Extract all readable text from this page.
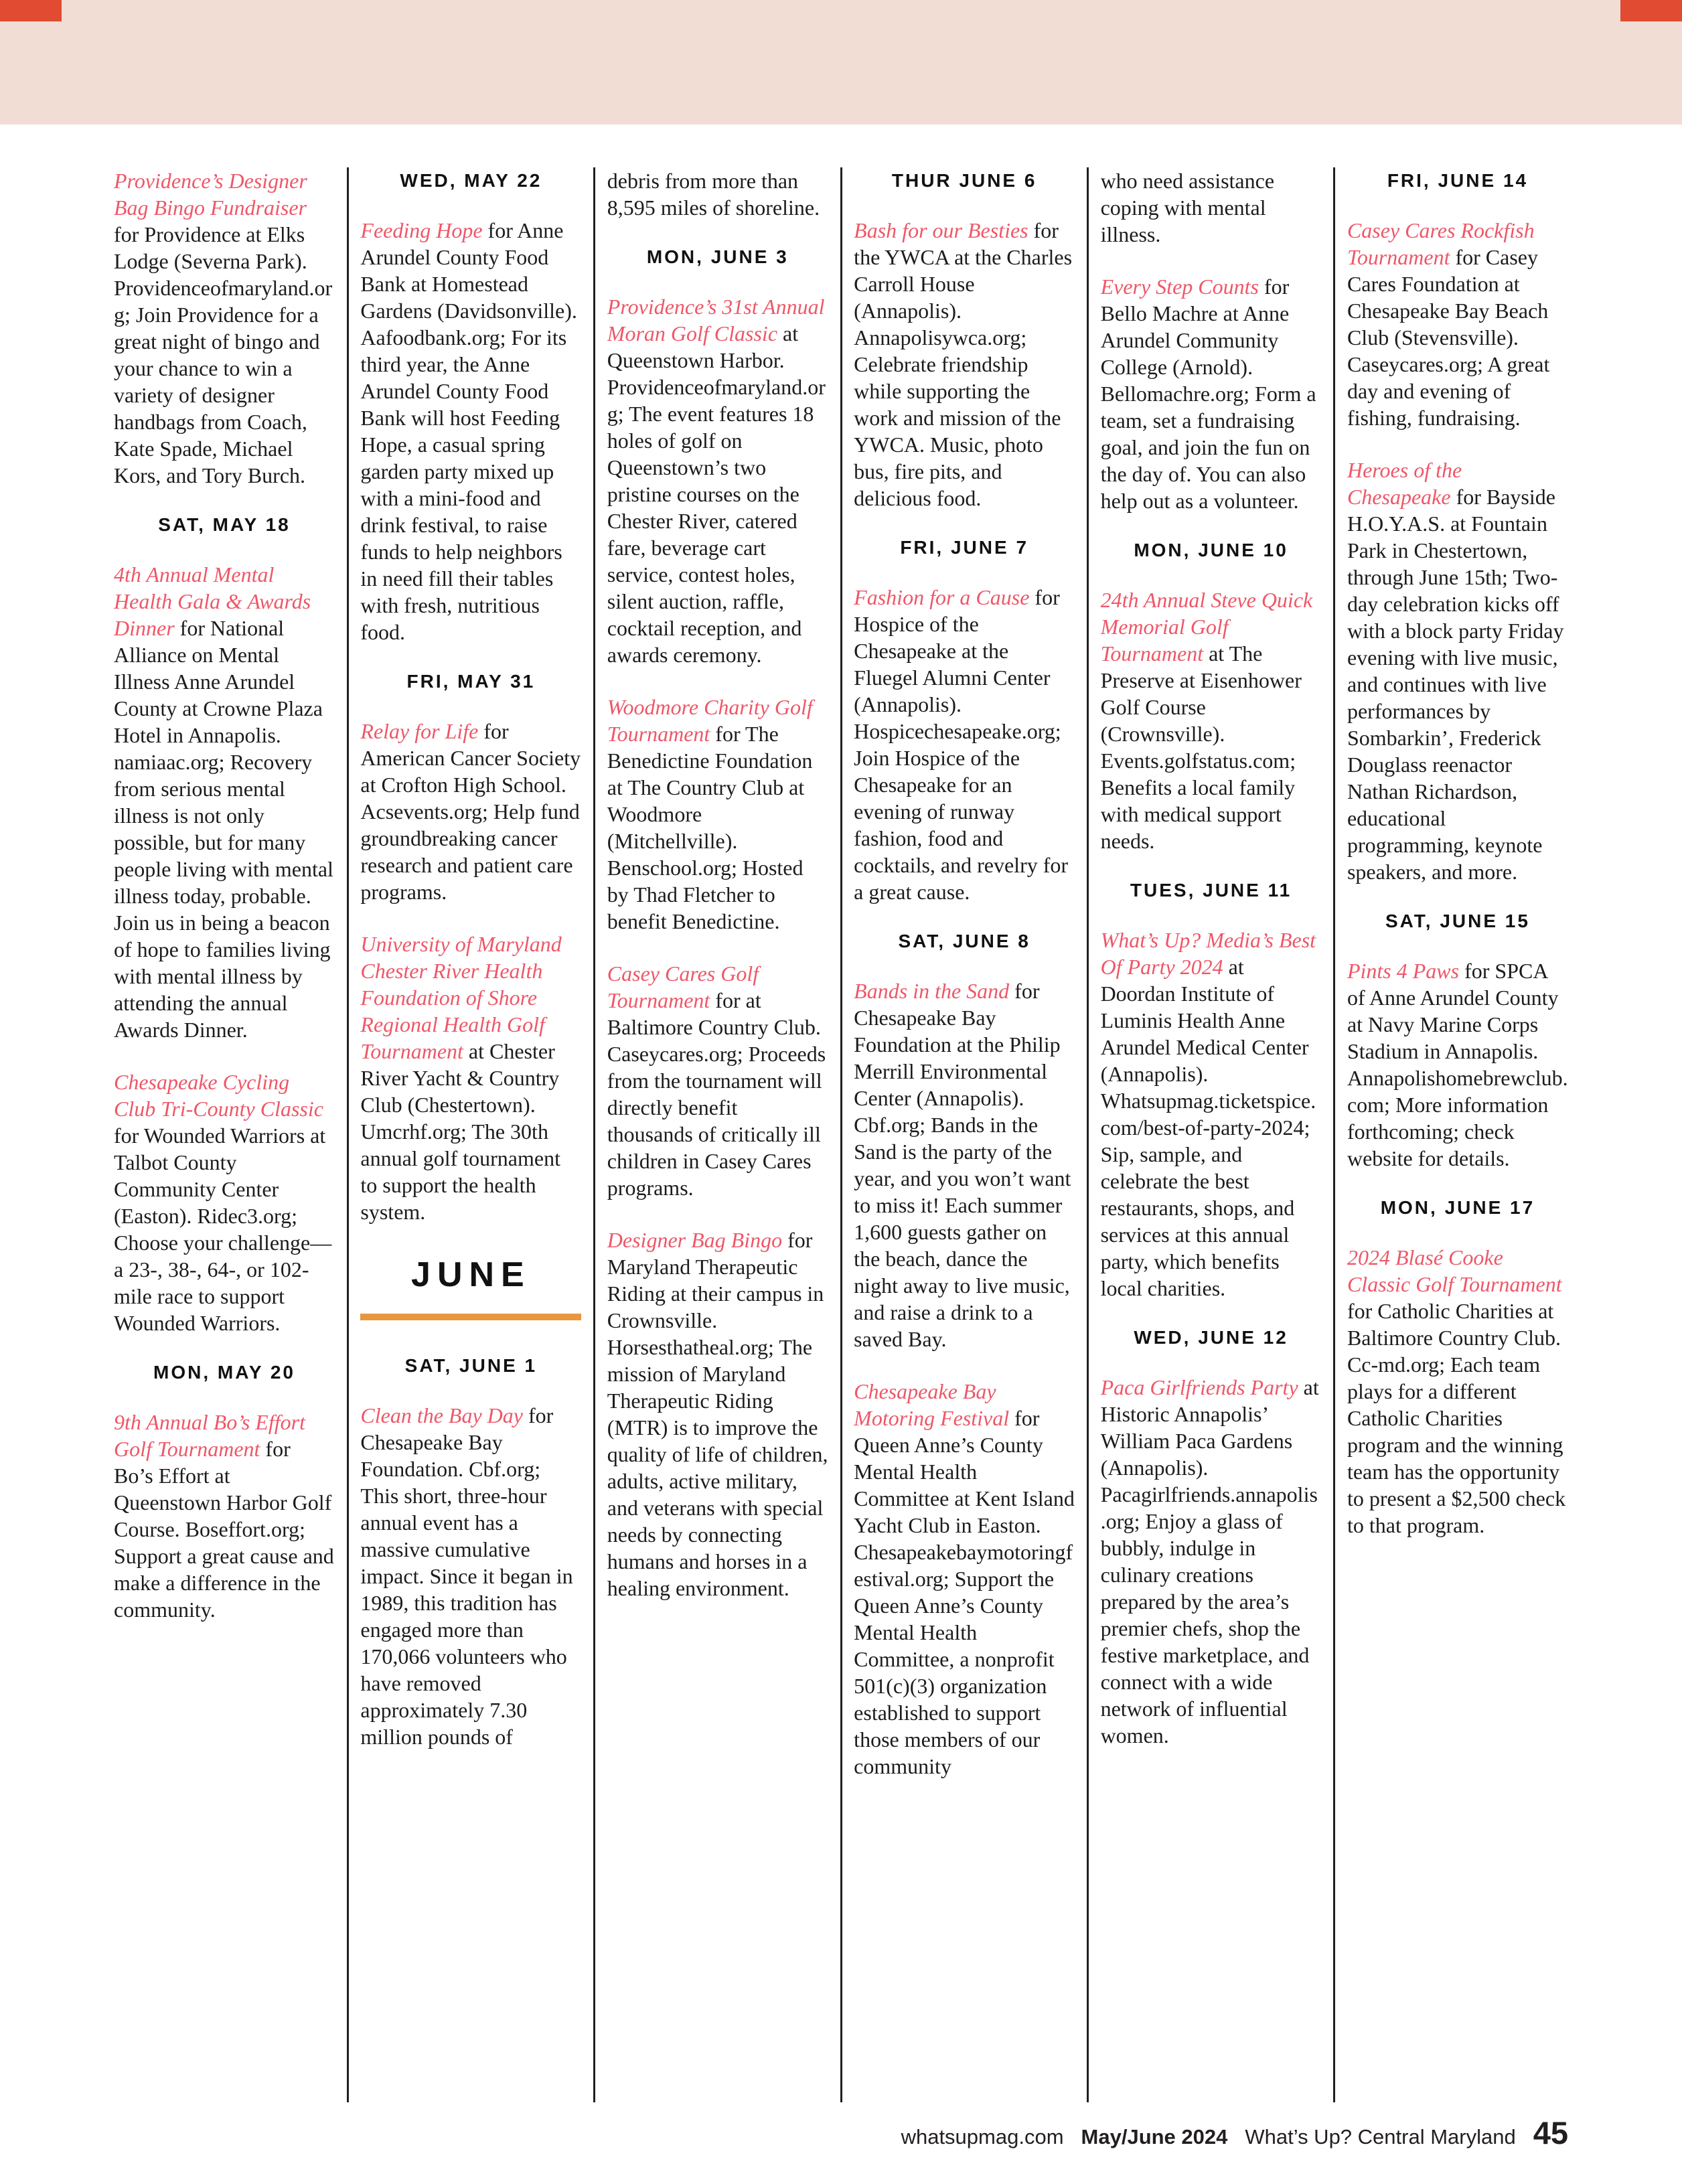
Providence’s Designer Bag Bingo Fundraiser for Providence at Elks Lodge (Severna Park). Providenceofmaryland.org; Join Providence for a great night of bingo and your chance to win a variety of designer handbags from Coach, Kate Spade, Michael Kors, and Tory Burch.

SAT, MAY 18

4th Annual Mental Health Gala & Awards Dinner for National Alliance on Mental Illness Anne Arundel County at Crowne Plaza Hotel in Annapolis. namiaac.org; Recovery from serious mental illness is not only possible, but for many people living with mental illness today, probable. Join us in being a beacon of hope to families living with mental illness by attending the annual Awards Dinner.

Chesapeake Cycling Club Tri-County Classic for Wounded Warriors at Talbot County Community Center (Easton). Ridec3.org; Choose your challenge—a 23-, 38-, 64-, or 102-mile race to support Wounded Warriors.

MON, MAY 20

9th Annual Bo’s Effort Golf Tournament for Bo’s Effort at Queenstown Harbor Golf Course. Boseffort.org; Support a great cause and make a difference in the community.

WED, MAY 22

Feeding Hope for Anne Arundel County Food Bank at Homestead Gardens (Davidsonville). Aafoodbank.org; For its third year, the Anne Arundel County Food Bank will host Feeding Hope, a casual spring garden party mixed up with a mini-food and drink festival, to raise funds to help neighbors in need fill their tables with fresh, nutritious food.

FRI, MAY 31

Relay for Life for American Cancer Society at Crofton High School. Acsevents.org; Help fund groundbreaking cancer research and patient care programs.

University of Maryland Chester River Health Foundation of Shore Regional Health Golf Tournament at Chester River Yacht & Country Club (Chestertown). Umcrhf.org; The 30th annual golf tournament to support the health system.

JUNE
SAT, JUNE 1

Clean the Bay Day for Chesapeake Bay Foundation. Cbf.org; This short, three-hour annual event has a massive cumulative impact. Since it began in 1989, this tradition has engaged more than 170,066 volunteers who have removed approximately 7.30 million pounds of

debris from more than 8,595 miles of shoreline.

MON, JUNE 3

Providence’s 31st Annual Moran Golf Classic at Queenstown Harbor. Providenceofmaryland.org; The event features 18 holes of golf on Queenstown’s two pristine courses on the Chester River, catered fare, beverage cart service, contest holes, silent auction, raffle, cocktail reception, and awards ceremony.

Woodmore Charity Golf Tournament for The Benedictine Foundation at The Country Club at Woodmore (Mitchellville). Benschool.org; Hosted by Thad Fletcher to benefit Benedictine.

Casey Cares Golf Tournament for at Baltimore Country Club. Caseycares.org; Proceeds from the tournament will directly benefit thousands of critically ill children in Casey Cares programs.

Designer Bag Bingo for Maryland Therapeutic Riding at their campus in Crownsville. Horsesthatheal.org; The mission of Maryland Therapeutic Riding (MTR) is to improve the quality of life of children, adults, active military, and veterans with special needs by connecting humans and horses in a healing environment.

THUR JUNE 6

Bash for our Besties for the YWCA at the Charles Carroll House (Annapolis). Annapolisywca.org; Celebrate friendship while supporting the work and mission of the YWCA. Music, photo bus, fire pits, and delicious food.

FRI, JUNE 7

Fashion for a Cause for Hospice of the Chesapeake at the Fluegel Alumni Center (Annapolis). Hospicechesapeake.org; Join Hospice of the Chesapeake for an evening of runway fashion, food and cocktails, and revelry for a great cause.

SAT, JUNE 8

Bands in the Sand for Chesapeake Bay Foundation at the Philip Merrill Environmental Center (Annapolis). Cbf.org; Bands in the Sand is the party of the year, and you won’t want to miss it! Each summer 1,600 guests gather on the beach, dance the night away to live music, and raise a drink to a saved Bay.

Chesapeake Bay Motoring Festival for Queen Anne’s County Mental Health Committee at Kent Island Yacht Club in Easton. Chesapeakebaymotoringfestival.org; Support the Queen Anne’s County Mental Health Committee, a nonprofit 501(c)(3) organization established to support those members of our community

who need assistance coping with mental illness.

Every Step Counts for Bello Machre at Anne Arundel Community College (Arnold). Bellomachre.org; Form a team, set a fundraising goal, and join the fun on the day of. You can also help out as a volunteer.

MON, JUNE 10

24th Annual Steve Quick Memorial Golf Tournament at The Preserve at Eisenhower Golf Course (Crownsville). Events.golfstatus.com; Benefits a local family with medical support needs.

TUES, JUNE 11

What’s Up? Media’s Best Of Party 2024 at Doordan Institute of Luminis Health Anne Arundel Medical Center (Annapolis). Whatsupmag.ticketspice.com/best-of-party-2024; Sip, sample, and celebrate the best restaurants, shops, and services at this annual party, which benefits local charities.

WED, JUNE 12

Paca Girlfriends Party at Historic Annapolis’ William Paca Gardens (Annapolis). Pacagirlfriends.annapolis.org; Enjoy a glass of bubbly, indulge in culinary creations prepared by the area’s premier chefs, shop the festive marketplace, and connect with a wide network of influential women.

FRI, JUNE 14

Casey Cares Rockfish Tournament for Casey Cares Foundation at Chesapeake Bay Beach Club (Stevensville). Caseycares.org; A great day and evening of fishing, fundraising.

Heroes of the Chesapeake for Bayside H.O.Y.A.S. at Fountain Park in Chestertown, through June 15th; Two-day celebration kicks off with a block party Friday evening with live music, and continues with live performances by Sombarkin’, Frederick Douglass reenactor Nathan Richardson, educational programming, keynote speakers, and more.

SAT, JUNE 15

Pints 4 Paws for SPCA of Anne Arundel County at Navy Marine Corps Stadium in Annapolis. Annapolishomebrewclub.com; More information forthcoming; check website for details.

MON, JUNE 17

2024 Blasé Cooke Classic Golf Tournament for Catholic Charities at Baltimore Country Club. Cc-md.org; Each team plays for a different Catholic Charities program and the winning team has the opportunity to present a $2,500 check to that program.

whatsupmag.com May/June 2024 What’s Up? Central Maryland 45
